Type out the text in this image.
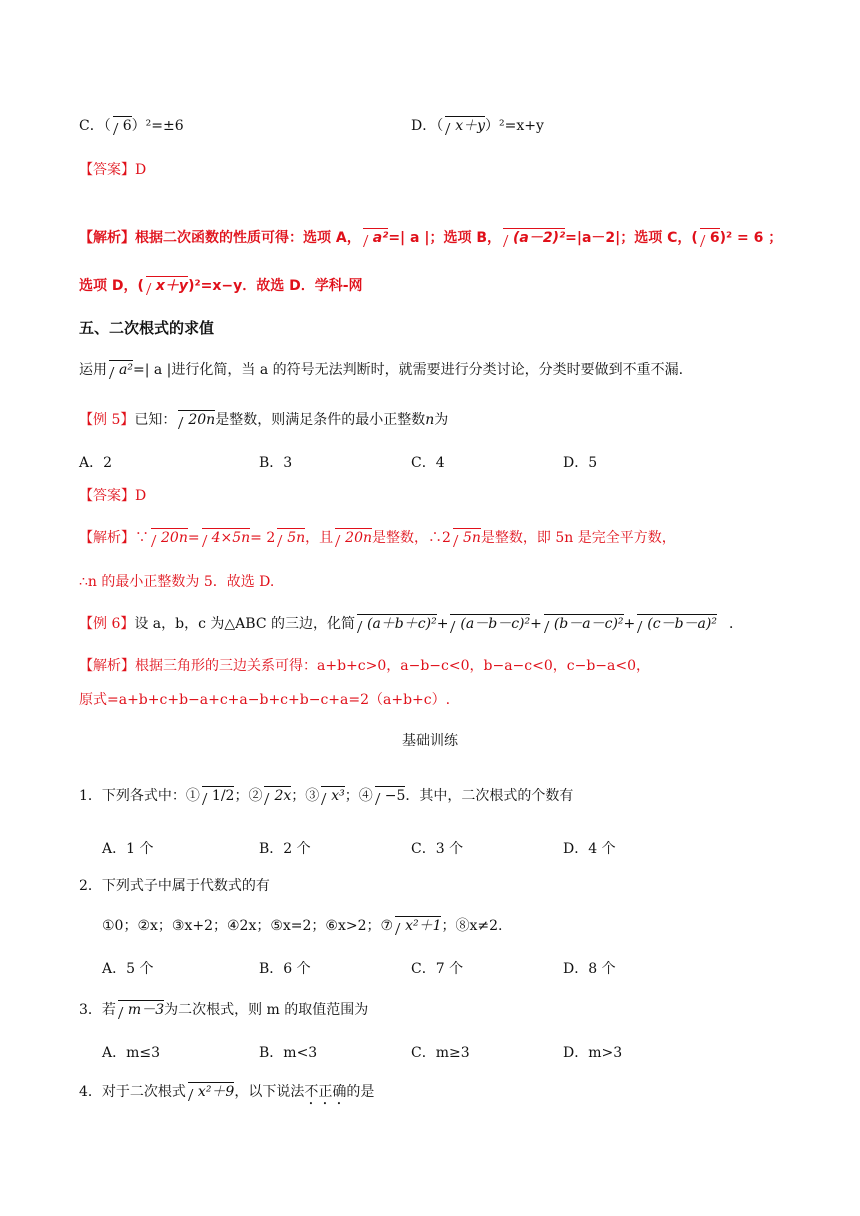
C．（ 6）²=±6	D．（ x＋y）²=x+y
【答案】D
【解析】根据二次函数的性质可得：选项 A， a²=| a |；选项 B， (a－2)²=|a－2|；选项 C，( 6)² = 6 ；
选项 D，( x＋y)²=x−y．故选 D．学科-网
五、二次根式的求值
运用 a²=| a |进行化简，当 a 的符号无法判断时，就需要进行分类讨论，分类时要做到不重不漏.
【例 5】已知： 20n是整数，则满足条件的最小正整数n为
A．2	B．3	C．4	D．5
【答案】D
【解析】∵ 20n= 4×5n= 2 5n，且 20n是整数，∴2 5n是整数，即 5n 是完全平方数，
∴n 的最小正整数为 5．故选 D.
【例 6】设 a，b，c 为△ABC 的三边，化简 (a＋b＋c)²+ (a－b－c)²+ (b－a－c)²+ (c－b－a)² ．
【解析】根据三角形的三边关系可得：a+b+c>0，a−b−c<0，b−a−c<0，c−b−a<0，
原式=a+b+c+b−a+c+a−b+c+b−c+a=2（a+b+c）.
基础训练
1．下列各式中：① 1/2；② 2x；③ x³；④ −5．其中，二次根式的个数有
A．1 个	B．2 个	C．3 个	D．4 个
2．下列式子中属于代数式的有
①0；②x；③x+2；④2x；⑤x=2；⑥x>2；⑦ x²＋1；⑧x≠2.
A．5 个	B．6 个	C．7 个	D．8 个
3．若 m－3为二次根式，则 m 的取值范围为
A．m≤3	B．m<3	C．m≥3	D．m>3
4．对于二次根式 x²＋9，以下说法不正确的是
